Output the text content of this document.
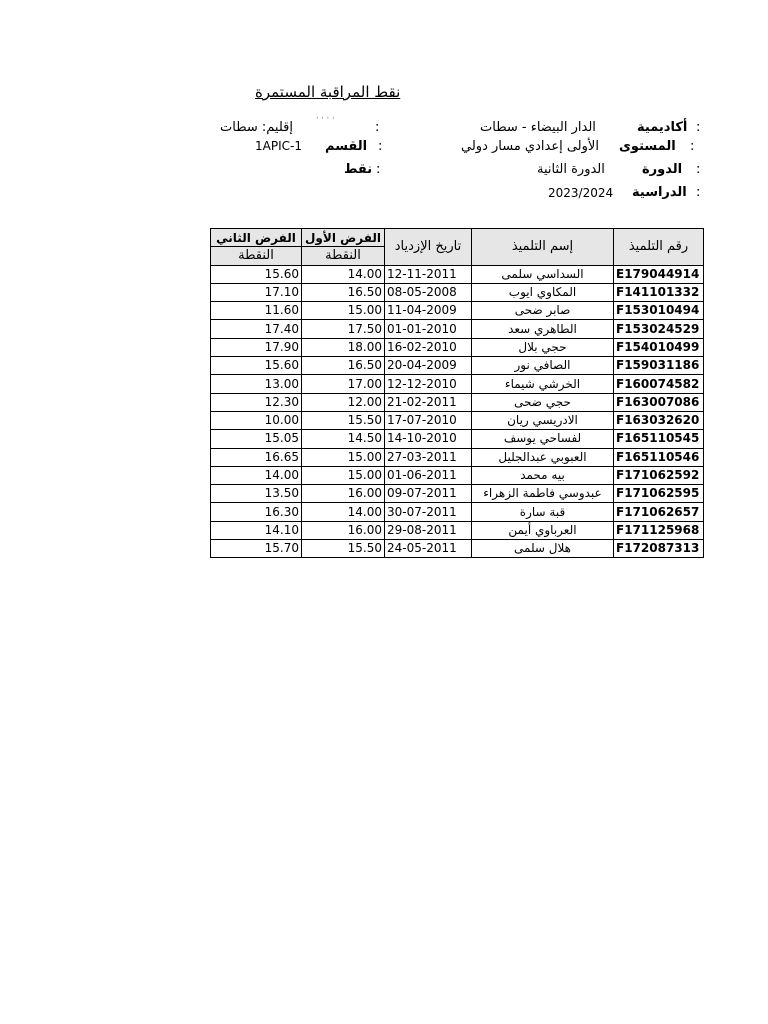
نقط المراقبة المستمرة
أكاديمية :
الدار البيضاء - سطات
:
' ' ' '
إقليم: سطات
المستوى :
الأولى إعدادي مسار دولي
القسم :
1APIC-1
الدورة :
الدورة الثانية
نقط :
الدراسية :
2023/2024
الفرض الثاني	الفرض الأول	تاريخ الإزدياد	إسم التلميذ	رقم التلميذ
النقطة	النقطة			
15.60	14.00	12-11-2011	السداسي سلمى	E179044914
17.10	16.50	08-05-2008	المكاوي ايوب	F141101332
11.60	15.00	11-04-2009	صابر ضحى	F153010494
17.40	17.50	01-01-2010	الطاهري سعد	F153024529
17.90	18.00	16-02-2010	حجي بلال	F154010499
15.60	16.50	20-04-2009	الصافي نور	F159031186
13.00	17.00	12-12-2010	الخرشي شيماء	F160074582
12.30	12.00	21-02-2011	حجي ضحى	F163007086
10.00	15.50	17-07-2010	الادريسي ريان	F163032620
15.05	14.50	14-10-2010	لفساحي يوسف	F165110545
16.65	15.00	27-03-2011	العبوبي عبدالجليل	F165110546
14.00	15.00	01-06-2011	بيه محمد	F171062592
13.50	16.00	09-07-2011	عبدوسي فاطمة الزهراء	F171062595
16.30	14.00	30-07-2011	قبة سارة	F171062657
14.10	16.00	29-08-2011	العرباوي أيمن	F171125968
15.70	15.50	24-05-2011	هلال سلمى	F172087313
